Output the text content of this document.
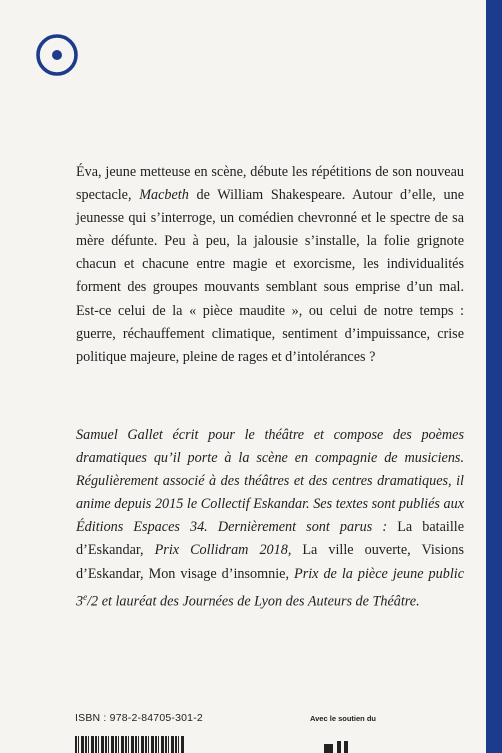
Éva, jeune metteuse en scène, débute les répétitions de son nouveau spectacle, Macbeth de William Shakespeare. Autour d’elle, une jeunesse qui s’interroge, un comédien chevronné et le spectre de sa mère défunte. Peu à peu, la jalousie s’installe, la folie grignote chacun et chacune entre magie et exorcisme, les individualités forment des groupes mouvants semblant sous emprise d’un mal. Est-ce celui de la « pièce maudite », ou celui de notre temps : guerre, réchauffement climatique, sentiment d’impuissance, crise politique majeure, pleine de rages et d’intolérances ?

Samuel Gallet écrit pour le théâtre et compose des poèmes dramatiques qu’il porte à la scène en compagnie de musiciens. Régulièrement associé à des théâtres et des centres dramatiques, il anime depuis 2015 le Collectif Eskandar. Ses textes sont publiés aux Éditions Espaces 34. Dernièrement sont parus : La bataille d’Eskandar, Prix Collidram 2018, La ville ouverte, Visions d’Eskandar, Mon visage d’insomnie, Prix de la pièce jeune public 3e/2 et lauréat des Journées de Lyon des Auteurs de Théâtre.

ISBN : 978-2-84705-301-2	Avec le soutien du
